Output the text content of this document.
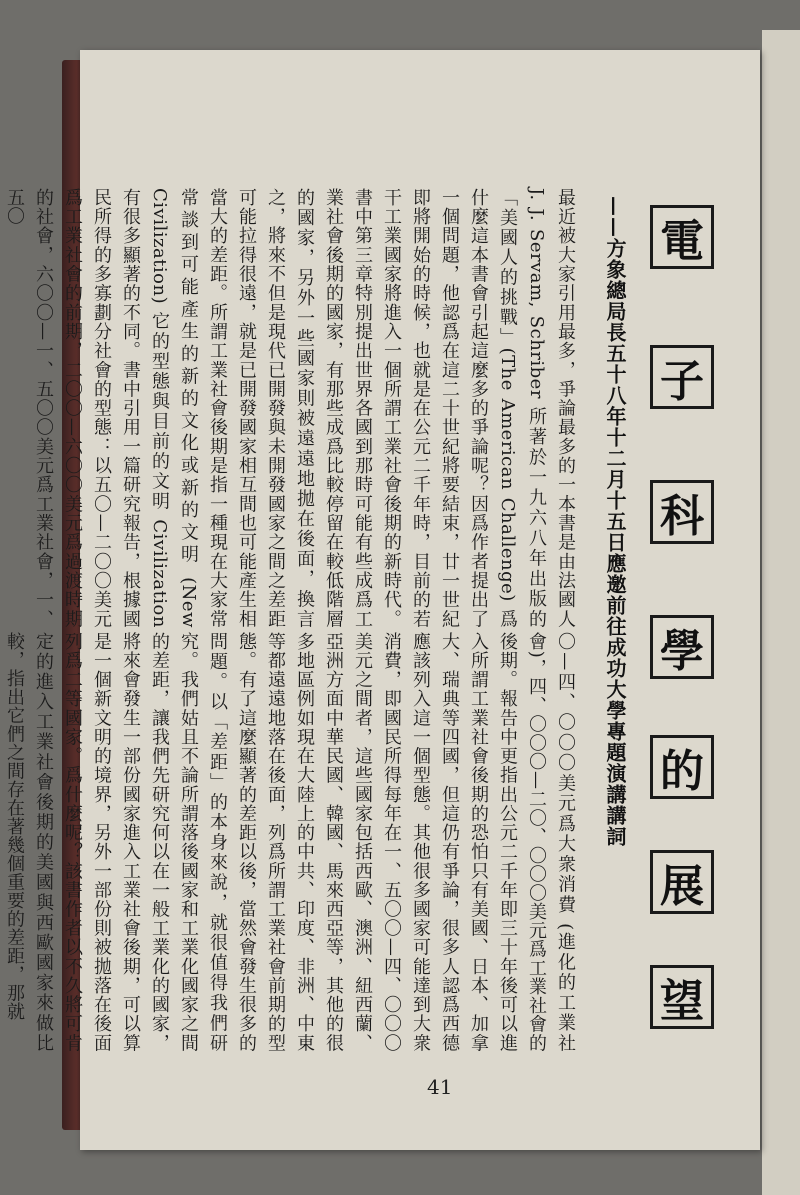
電
子
科
學
的
展
望
——方象總局長五十八年十二月十五日應邀前往成功大學專題演講講詞
最近被大家引用最多，爭論最多的一本書是由法國人 J. J. Servam, Schriber 所著於一九六八年出版的「美國人的挑戰」(The American Challenge) 爲什麼這本書會引起這麼多的爭論呢？因爲作者提出了一個問題，他認爲在這二十世紀將要結束，廿一世紀即將開始的時候，也就是在公元二千年時，目前的若干工業國家將進入一個所謂工業社會後期的新時代。書中第三章特別提出世界各國到那時可能有些成爲工業社會後期的國家，有那些成爲比較停留在較低階層的國家，另外一些國家則被遠遠地拋在後面，換言之，將來不但是現代已開發與未開發國家之間之差距可能拉得很遠，就是已開發國家相互間也可能產生相當大的差距。所謂工業社會後期是指一種現在大家常常談到可能產生的新的文化或新的文明 (New Civilization) 它的型態與目前的文明 Civilization 有很多顯著的不同。書中引用一篇研究報告，根據國民所得的多寡劃分社會的型態：以五〇—二〇〇美元爲工業社會的前期，二〇〇—六〇〇美元爲過渡時期的社會，六〇〇—一、五〇〇美元爲工業社會，一、五〇
〇—四、〇〇〇美元爲大衆消費 (進化的工業社會)，四、〇〇〇—二〇、〇〇〇美元爲工業社會的後期。報告中更指出公元二千年即三十年後可以進入所謂工業社會後期的恐怕只有美國、日本、加拿大、瑞典等四國，但這仍有爭論，很多人認爲西德應該列入這一個型態。其他很多國家可能達到大衆消費，即國民所得每年在一、五〇〇—四、〇〇〇美元之間者，這些國家包括西歐、澳洲、紐西蘭、亞洲方面中華民國、韓國、馬來西亞等，其他的很多地區例如現在大陸上的中共、印度、非洲、中東等都遠遠地落在後面，列爲所謂工業社會前期的型態。有了這麼顯著的差距以後，當然會發生很多的問題。以「差距」的本身來說，就很值得我們研究。我們姑且不論所謂落後國家和工業化國家之間的差距，讓我們先研究何以在一般工業化的國家，將來會發生一部份國家進入工業社會後期，可以算是一個新文明的境界，另外一部份則被拋落在後面列爲二等國家。爲什麼呢？該書作者以不久將可肯定的進入工業社會後期的美國與西歐國家來做比較，指出它們之間存在著幾個重要的差距，那就
41
